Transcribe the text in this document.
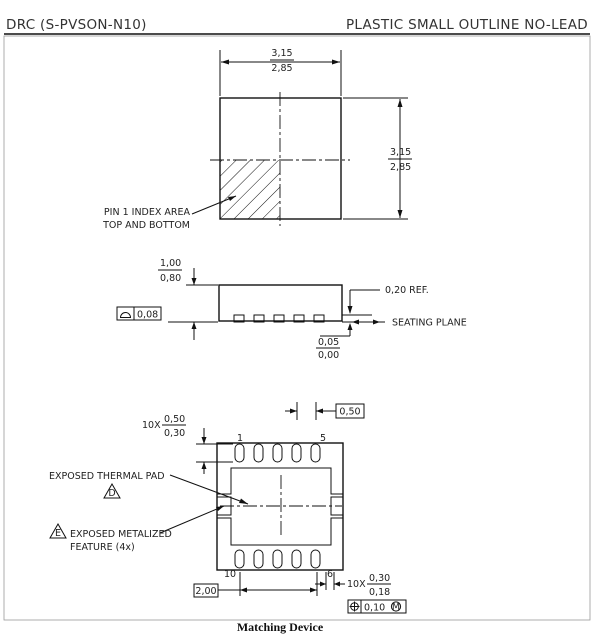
DRC (S-PVSON-N10)	PLASTIC SMALL OUTLINE NO-LEAD
3,15
2,85
3,15
2,85
PIN 1 INDEX AREA
TOP AND BOTTOM
1,00
0,80
0,08
0,20 REF.
SEATING PLANE
0,05
0,00
1	5
10	6
0,50
10X
0,50
0,30
EXPOSED THERMAL PAD
D
E EXPOSED METALIZED
FEATURE (4x)
2,00
10X
0,30
0,18
0,10 M
Matching Device
